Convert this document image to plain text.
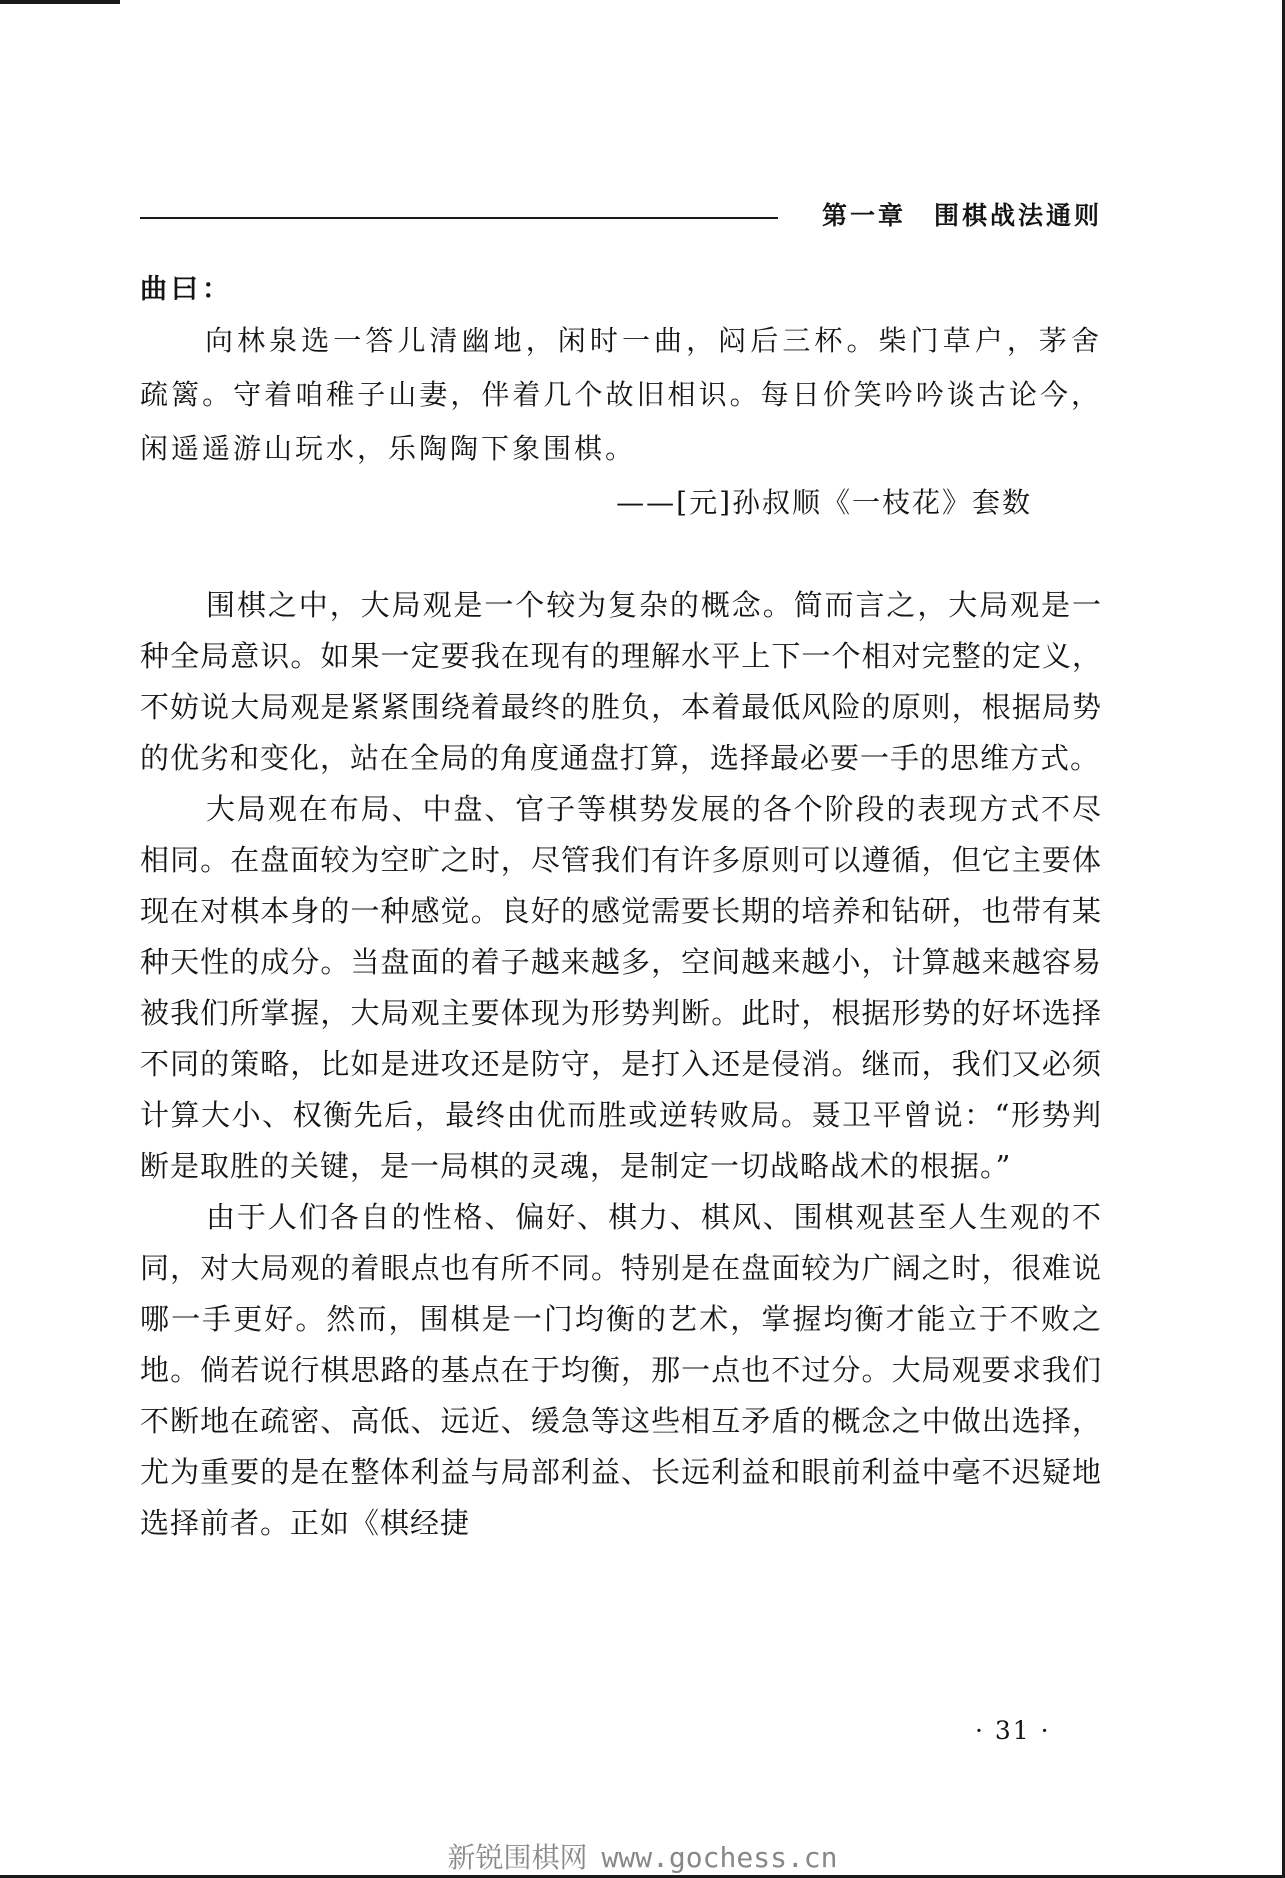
第一章 围棋战法通则

曲曰：

向林泉选一答儿清幽地，闲时一曲，闷后三杯。柴门草户，茅舍疏篱。守着咱稚子山妻，伴着几个故旧相识。每日价笑吟吟谈古论今，闲遥遥游山玩水，乐陶陶下象围棋。

——[元]孙叔顺《一枝花》套数

围棋之中，大局观是一个较为复杂的概念。简而言之，大局观是一种全局意识。如果一定要我在现有的理解水平上下一个相对完整的定义，不妨说大局观是紧紧围绕着最终的胜负，本着最低风险的原则，根据局势的优劣和变化，站在全局的角度通盘打算，选择最必要一手的思维方式。

大局观在布局、中盘、官子等棋势发展的各个阶段的表现方式不尽相同。在盘面较为空旷之时，尽管我们有许多原则可以遵循，但它主要体现在对棋本身的一种感觉。良好的感觉需要长期的培养和钻研，也带有某种天性的成分。当盘面的着子越来越多，空间越来越小，计算越来越容易被我们所掌握，大局观主要体现为形势判断。此时，根据形势的好坏选择不同的策略，比如是进攻还是防守，是打入还是侵消。继而，我们又必须计算大小、权衡先后，最终由优而胜或逆转败局。聂卫平曾说：“形势判断是取胜的关键，是一局棋的灵魂，是制定一切战略战术的根据。”

由于人们各自的性格、偏好、棋力、棋风、围棋观甚至人生观的不同，对大局观的着眼点也有所不同。特别是在盘面较为广阔之时，很难说哪一手更好。然而，围棋是一门均衡的艺术，掌握均衡才能立于不败之地。倘若说行棋思路的基点在于均衡，那一点也不过分。大局观要求我们不断地在疏密、高低、远近、缓急等这些相互矛盾的概念之中做出选择，尤为重要的是在整体利益与局部利益、长远利益和眼前利益中毫不迟疑地选择前者。正如《棋经捷

· 31 ·
新锐围棋网 www.gochess.cn
